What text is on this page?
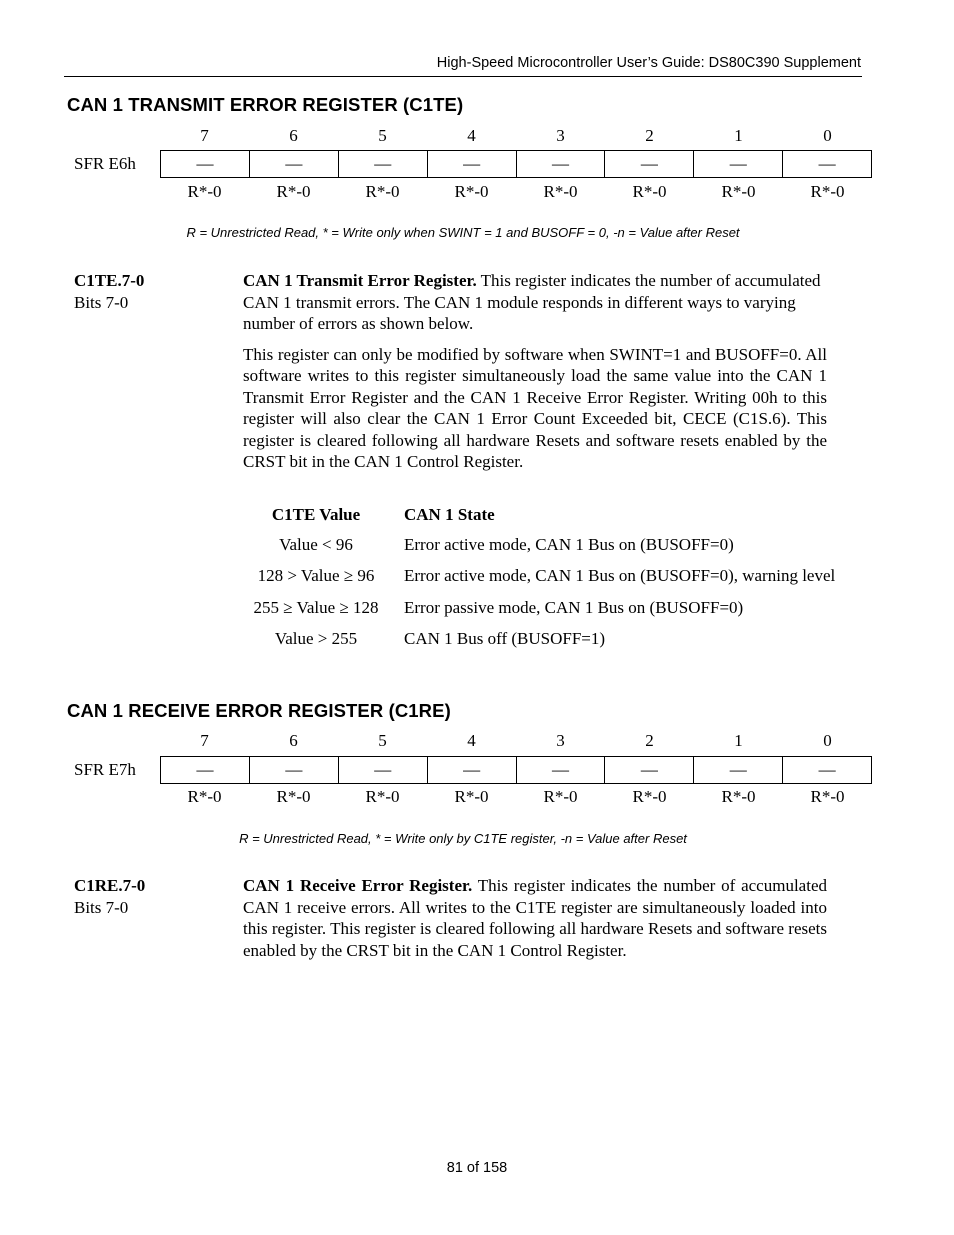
High-Speed Microcontroller User’s Guide: DS80C390 Supplement
CAN 1 TRANSMIT ERROR REGISTER (C1TE)
7	6	5	4	3	2	1	0
SFR E6h	—	—	—	—	—	—	—	—
R*-0	R*-0	R*-0	R*-0	R*-0	R*-0	R*-0	R*-0
R = Unrestricted Read, * = Write only when SWINT = 1 and BUSOFF = 0, -n = Value after Reset
C1TE.7-0
Bits 7-0

CAN 1 Transmit Error Register. This register indicates the number of accumulated CAN 1 transmit errors. The CAN 1 module responds in different ways to varying number of errors as shown below.

This register can only be modified by software when SWINT=1 and BUSOFF=0. All software writes to this register simultaneously load the same value into the CAN 1 Transmit Error Register and the CAN 1 Receive Error Register. Writing 00h to this register will also clear the CAN 1 Error Count Exceeded bit, CECE (C1S.6). This register is cleared following all hardware Resets and software resets enabled by the CRST bit in the CAN 1 Control Register.

C1TE Value	CAN 1 State
Value < 96	Error active mode, CAN 1 Bus on (BUSOFF=0)
128 > Value ≥ 96	Error active mode, CAN 1 Bus on (BUSOFF=0), warning level
255 ≥ Value ≥ 128	Error passive mode, CAN 1 Bus on (BUSOFF=0)
Value > 255	CAN 1 Bus off (BUSOFF=1)
CAN 1 RECEIVE ERROR REGISTER (C1RE)
7	6	5	4	3	2	1	0
SFR E7h	—	—	—	—	—	—	—	—
R*-0	R*-0	R*-0	R*-0	R*-0	R*-0	R*-0	R*-0
R = Unrestricted Read, * = Write only by C1TE register, -n = Value after Reset
C1RE.7-0
Bits 7-0

CAN 1 Receive Error Register. This register indicates the number of accumulated CAN 1 receive errors. All writes to the C1TE register are simultaneously loaded into this register. This register is cleared following all hardware Resets and software resets enabled by the CRST bit in the CAN 1 Control Register.

81 of 158
